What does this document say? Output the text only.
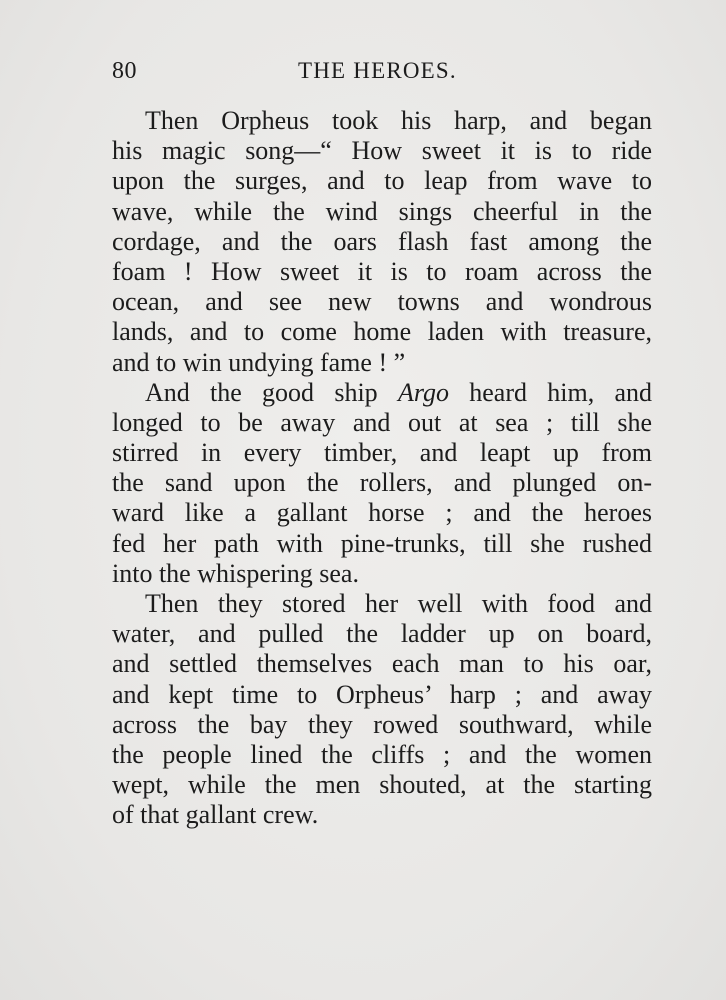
80	THE HEROES.
Then Orpheus took his harp, and began
his magic song—“ How sweet it is to ride
upon the surges, and to leap from wave to
wave, while the wind sings cheerful in the
cordage, and the oars flash fast among the
foam ! How sweet it is to roam across the
ocean, and see new towns and wondrous
lands, and to come home laden with treasure,
and to win undying fame ! ”
And the good ship Argo heard him, and
longed to be away and out at sea ; till she
stirred in every timber, and leapt up from
the sand upon the rollers, and plunged on-
ward like a gallant horse ; and the heroes
fed her path with pine-trunks, till she rushed
into the whispering sea.
Then they stored her well with food and
water, and pulled the ladder up on board,
and settled themselves each man to his oar,
and kept time to Orpheus’ harp ; and away
across the bay they rowed southward, while
the people lined the cliffs ; and the women
wept, while the men shouted, at the starting
of that gallant crew.
